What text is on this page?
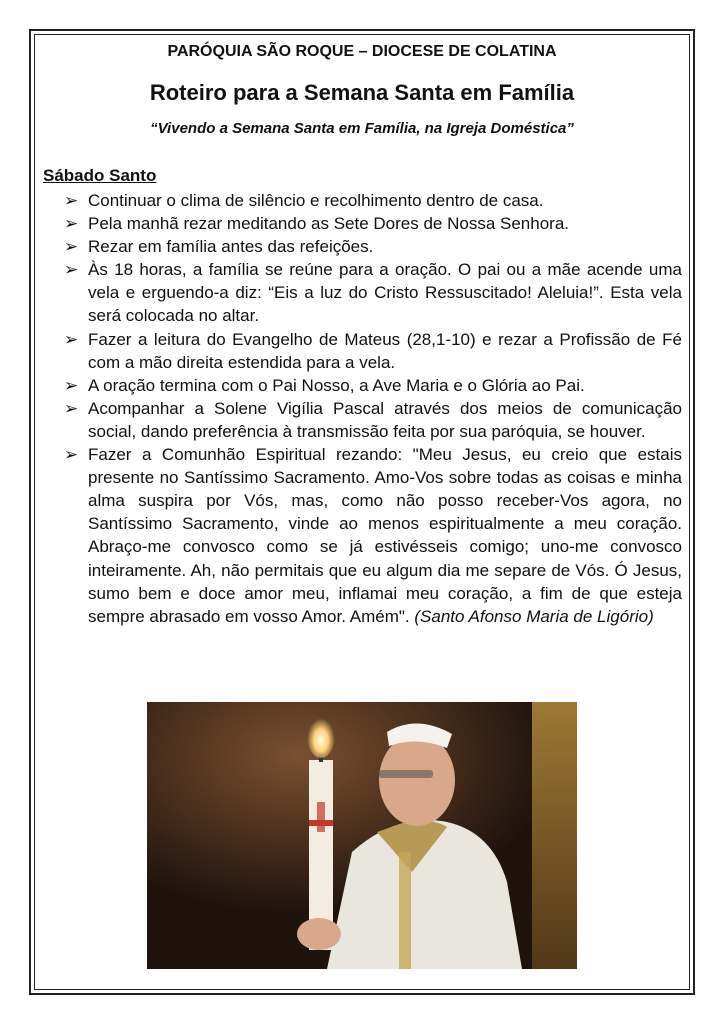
PARÓQUIA SÃO ROQUE – DIOCESE DE COLATINA
Roteiro para a Semana Santa em Família
“Vivendo a Semana Santa em Família, na Igreja Doméstica”
Sábado Santo
➢ Continuar o clima de silêncio e recolhimento dentro de casa.
➢ Pela manhã rezar meditando as Sete Dores de Nossa Senhora.
➢ Rezar em família antes das refeições.
➢ Às 18 horas, a família se reúne para a oração. O pai ou a mãe acende uma vela e erguendo-a diz: “Eis a luz do Cristo Ressuscitado! Aleluia!”. Esta vela será colocada no altar.
➢ Fazer a leitura do Evangelho de Mateus (28,1-10) e rezar a Profissão de Fé com a mão direita estendida para a vela.
➢ A oração termina com o Pai Nosso, a Ave Maria e o Glória ao Pai.
➢ Acompanhar a Solene Vigília Pascal através dos meios de comunicação social, dando preferência à transmissão feita por sua paróquia, se houver.
➢ Fazer a Comunhão Espiritual rezando: "Meu Jesus, eu creio que estais presente no Santíssimo Sacramento. Amo-Vos sobre todas as coisas e minha alma suspira por Vós, mas, como não posso receber-Vos agora, no Santíssimo Sacramento, vinde ao menos espiritualmente a meu coração. Abraço-me convosco como se já estivésseis comigo; uno-me convosco inteiramente. Ah, não permitais que eu algum dia me separe de Vós. Ó Jesus, sumo bem e doce amor meu, inflamai meu coração, a fim de que esteja sempre abrasado em vosso Amor. Amém". (Santo Afonso Maria de Ligório)
